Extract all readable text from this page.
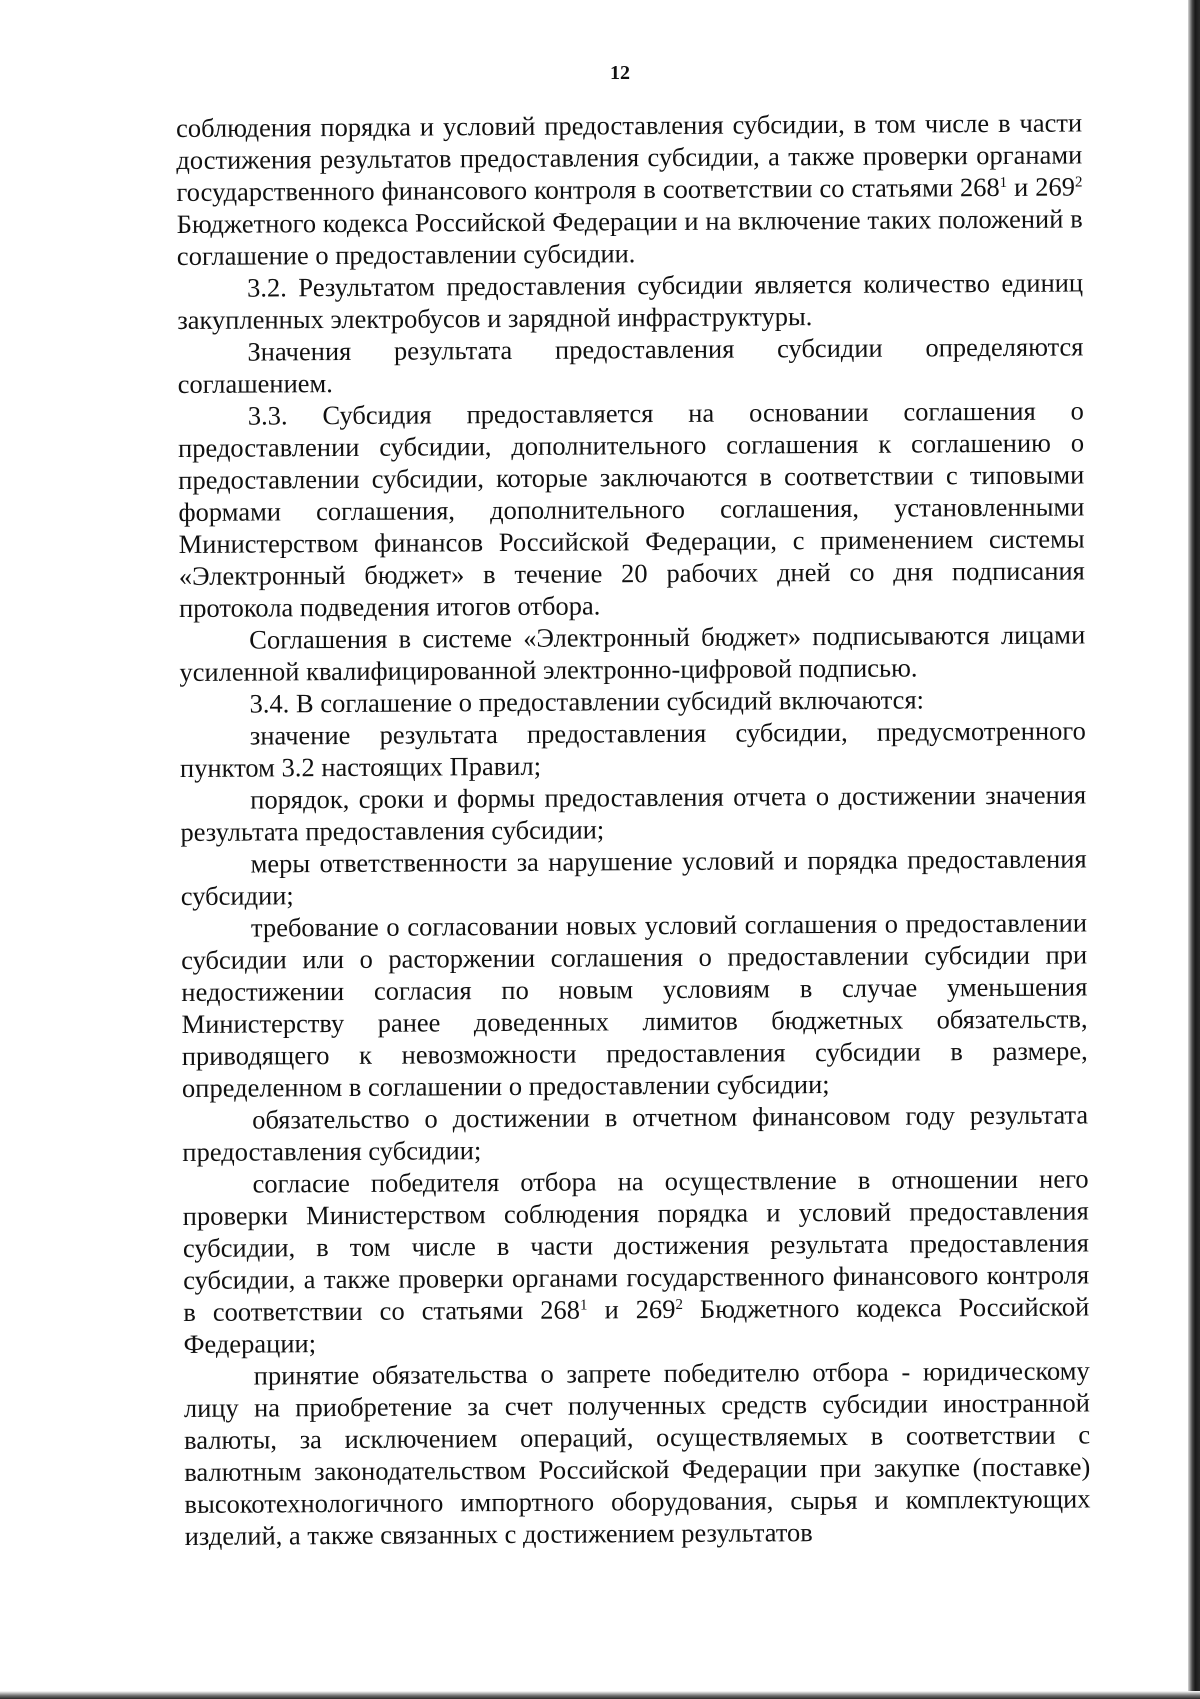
12

соблюдения порядка и условий предоставления субсидии, в том числе в части достижения результатов предоставления субсидии, а также проверки органами государственного финансового контроля в соответствии со статьями $268^1$ и $269^2$ Бюджетного кодекса Российской Федерации и на включение таких положений в соглашение о предоставлении субсидии.

3.2. Результатом предоставления субсидии является количество единиц закупленных электробусов и зарядной инфраструктуры.

Значения результата предоставления субсидии определяются соглашением.

3.3. Субсидия предоставляется на основании соглашения о предоставлении субсидии, дополнительного соглашения к соглашению о предоставлении субсидии, которые заключаются в соответствии с типовыми формами соглашения, дополнительного соглашения, установленными Министерством финансов Российской Федерации, с применением системы «Электронный бюджет» в течение 20 рабочих дней со дня подписания протокола подведения итогов отбора.

Соглашения в системе «Электронный бюджет» подписываются лицами усиленной квалифицированной электронно-цифровой подписью.

3.4. В соглашение о предоставлении субсидий включаются:

значение результата предоставления субсидии, предусмотренного пунктом 3.2 настоящих Правил;

порядок, сроки и формы предоставления отчета о достижении значения результата предоставления субсидии;

меры ответственности за нарушение условий и порядка предоставления субсидии;

требование о согласовании новых условий соглашения о предоставлении субсидии или о расторжении соглашения о предоставлении субсидии при недостижении согласия по новым условиям в случае уменьшения Министерству ранее доведенных лимитов бюджетных обязательств, приводящего к невозможности предоставления субсидии в размере, определенном в соглашении о предоставлении субсидии;

обязательство о достижении в отчетном финансовом году результата предоставления субсидии;

согласие победителя отбора на осуществление в отношении него проверки Министерством соблюдения порядка и условий предоставления субсидии, в том числе в части достижения результата предоставления субсидии, а также проверки органами государственного финансового контроля в соответствии со статьями $268^1$ и $269^2$ Бюджетного кодекса Российской Федерации;

принятие обязательства о запрете победителю отбора - юридическому лицу на приобретение за счет полученных средств субсидии иностранной валюты, за исключением операций, осуществляемых в соответствии с валютным законодательством Российской Федерации при закупке (поставке) высокотехнологичного импортного оборудования, сырья и комплектующих изделий, а также связанных с достижением результатов
